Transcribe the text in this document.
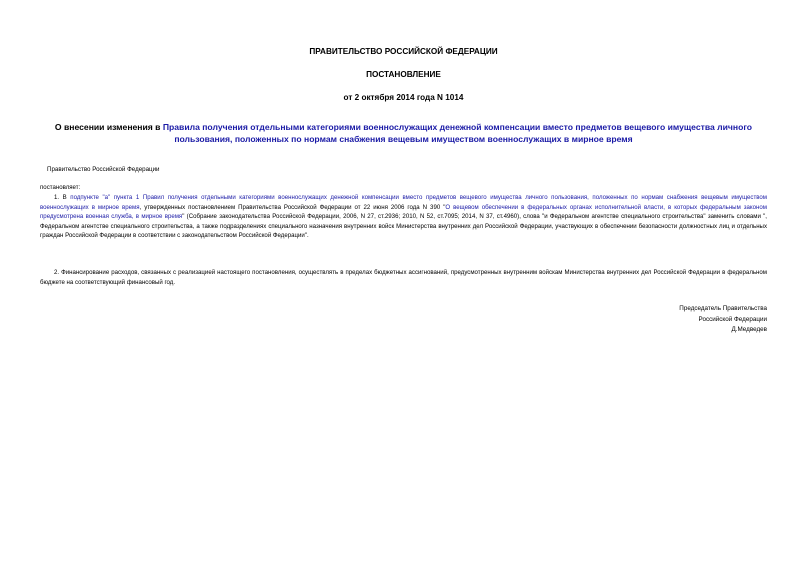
ПРАВИТЕЛЬСТВО РОССИЙСКОЙ ФЕДЕРАЦИИ
ПОСТАНОВЛЕНИЕ
от 2 октября 2014 года N 1014
О внесении изменения в Правила получения отдельными категориями военнослужащих денежной компенсации вместо предметов вещевого имущества личного пользования, положенных по нормам снабжения вещевым имуществом военнослужащих в мирное время
Правительство Российской Федерации
постановляет:
1. В подпункте "а" пункта 1 Правил получения отдельными категориями военнослужащих денежной компенсации вместо предметов вещевого имущества личного пользования, положенных по нормам снабжения вещевым имуществом военнослужащих в мирное время, утвержденных постановлением Правительства Российской Федерации от 22 июня 2006 года N 390 "О вещевом обеспечении в федеральных органах исполнительной власти, в которых федеральным законом предусмотрена военная служба, в мирное время" (Собрание законодательства Российской Федерации, 2006, N 27, ст.2936; 2010, N 52, ст.7095; 2014, N 37, ст.4960), слова "и Федеральном агентстве специального строительства" заменить словами ", Федеральном агентстве специального строительства, а также подразделениях специального назначения внутренних войск Министерства внутренних дел Российской Федерации, участвующих в обеспечении безопасности должностных лиц и отдельных граждан Российской Федерации в соответствии с законодательством Российской Федерации".
2. Финансирование расходов, связанных с реализацией настоящего постановления, осуществлять в пределах бюджетных ассигнований, предусмотренных внутренним войскам Министерства внутренних дел Российской Федерации в федеральном бюджете на соответствующий финансовый год.
Председатель Правительства
Российской Федерации
Д.Медведев
